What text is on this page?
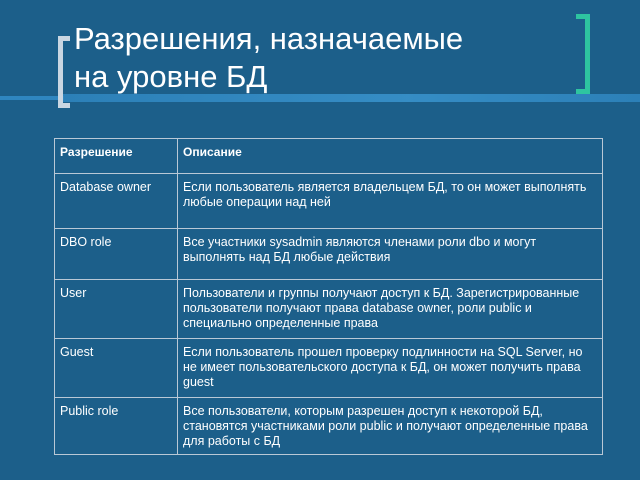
Разрешения, назначаемые
на уровне БД
Разрешение	Описание
Database owner	Если пользователь является владельцем БД, то он может выполнять любые операции над ней
DBO role	Все участники sysadmin являются членами роли dbo и могут выполнять над БД любые действия
User	Пользователи и группы получают доступ к БД. Зарегистрированные пользователи получают права database owner, роли public и специально определенные права
Guest	Если пользователь прошел проверку подлинности на SQL Server, но не имеет пользовательского доступа к БД, он может получить права guest
Public role	Все пользователи, которым разрешен доступ к некоторой БД, становятся участниками роли public и получают определенные права для работы с БД
